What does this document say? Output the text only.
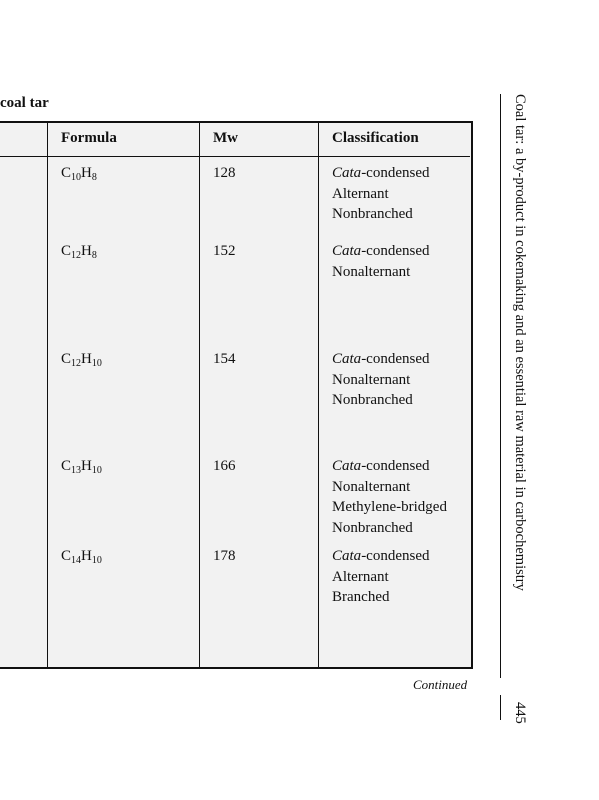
coal tar
Formula	Mw	Classification
$C_{10}H_8$	128	Cata-condensed
Alternant
Nonbranched
$C_{12}H_8$	152	Cata-condensed
Nonalternant
$C_{12}H_{10}$	154	Cata-condensed
Nonalternant
Nonbranched
$C_{13}H_{10}$	166	Cata-condensed
Nonalternant
Methylene-bridged
Nonbranched
$C_{14}H_{10}$	178	Cata-condensed
Alternant
Branched
Continued
Coal tar: a by-product in cokemaking and an essential raw material in carbochemistry
445
